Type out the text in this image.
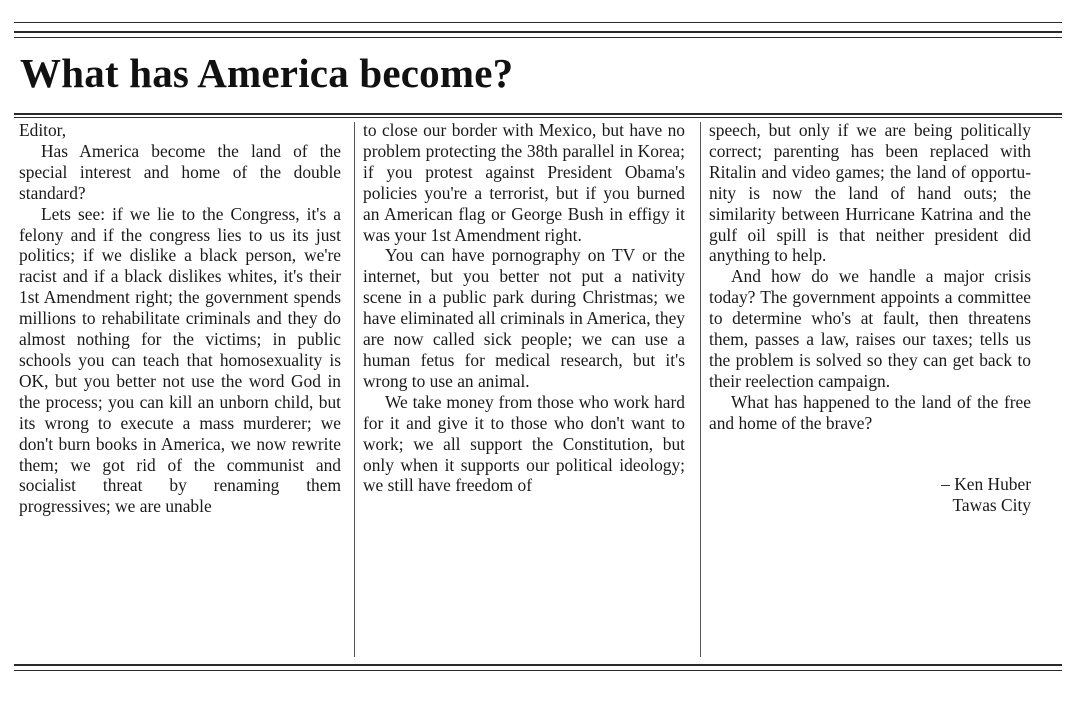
What has America become?

Editor,

Has America become the land of the special interest and home of the double standard?

Lets see: if we lie to the Congress, it's a felony and if the congress lies to us its just politics; if we dislike a black person, we're racist and if a black dislikes whites, it's their 1st Amendment right; the government spends millions to rehabilitate criminals and they do almost nothing for the victims; in public schools you can teach that homosexuality is OK, but you better not use the word God in the process; you can kill an unborn child, but its wrong to execute a mass murderer; we don't burn books in America, we now rewrite them; we got rid of the communist and socialist threat by renaming them progressives; we are unable

to close our border with Mexico, but have no problem protecting the 38th parallel in Korea; if you protest against President Obama's policies you're a terrorist, but if you burned an American flag or George Bush in effigy it was your 1st Amendment right.

You can have pornography on TV or the internet, but you better not put a nativity scene in a public park during Christmas; we have eliminated all criminals in America, they are now called sick people; we can use a human fetus for medical research, but it's wrong to use an animal.

We take money from those who work hard for it and give it to those who don't want to work; we all support the Constitution, but only when it supports our political ideology; we still have freedom of

speech, but only if we are being politically correct; parenting has been replaced with Ritalin and video games; the land of opportunity is now the land of hand outs; the similarity between Hurricane Katrina and the gulf oil spill is that neither president did anything to help.

And how do we handle a major crisis today? The government appoints a committee to determine who's at fault, then threatens them, passes a law, raises our taxes; tells us the problem is solved so they can get back to their reelection campaign.

What has happened to the land of the free and home of the brave?

– Ken Huber
Tawas City
